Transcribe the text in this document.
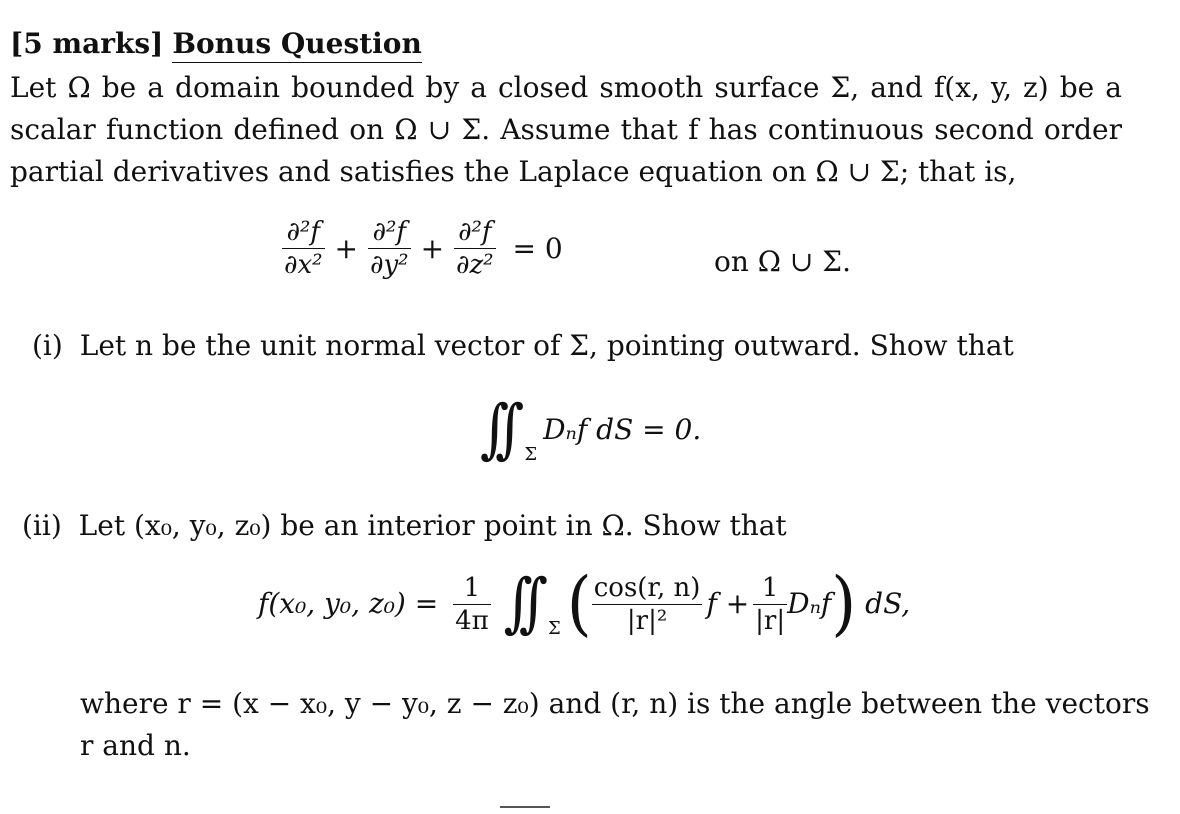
[5 marks] Bonus Question
Let Ω be a domain bounded by a closed smooth surface Σ, and f(x, y, z) be a
scalar function defined on Ω ∪ Σ. Assume that f has continuous second order
partial derivatives and satisfies the Laplace equation on Ω ∪ Σ; that is,
$\frac{\text{∂²f}}{\text{∂x²}} + \frac{\text{∂²f}}{\text{∂y²}} + \frac{\text{∂²f}}{\text{∂z²}} = 0$	on Ω ∪ Σ.
(i) Let n be the unit normal vector of Σ, pointing outward. Show that
∫∫ $_\Sigma$Dₙf dS = 0.
(ii) Let (x₀, y₀, z₀) be an interior point in Ω. Show that
f(x₀, y₀, $z_0) = \frac{1}{4\pi}$ ∫∫ $_\Sigma( \frac{\cos(r, n)}{\text{|r|²}}$ $f + \frac{1}{|r|} D_nf$) dS,
where r = (x − x₀, y − y₀, z − z₀) and (r, n) is the angle between the vectors
r and n.
